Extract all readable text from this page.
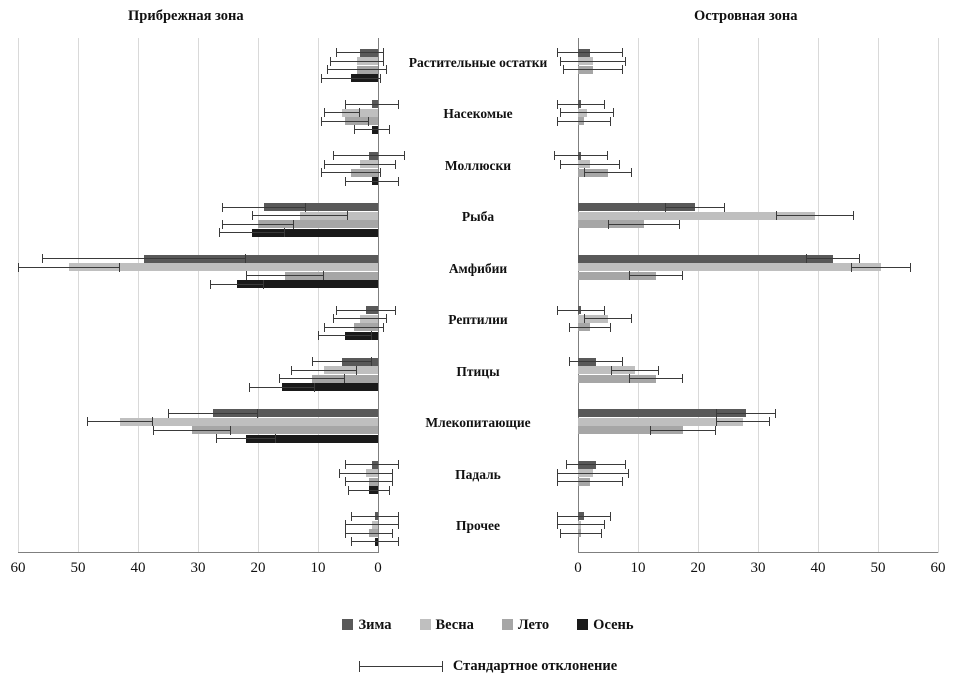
Прибрежная зона	Островная зона
Растительные остатки
Насекомые
Моллюски
Рыба
Амфибии
Рептилии
Птицы
Млекопитающие
Падаль
Прочее
60	50	40	30	20	10	0	0	10	20	30	40	50	60
Зима	Весна	Лето	Осень
Стандартное отклонение
